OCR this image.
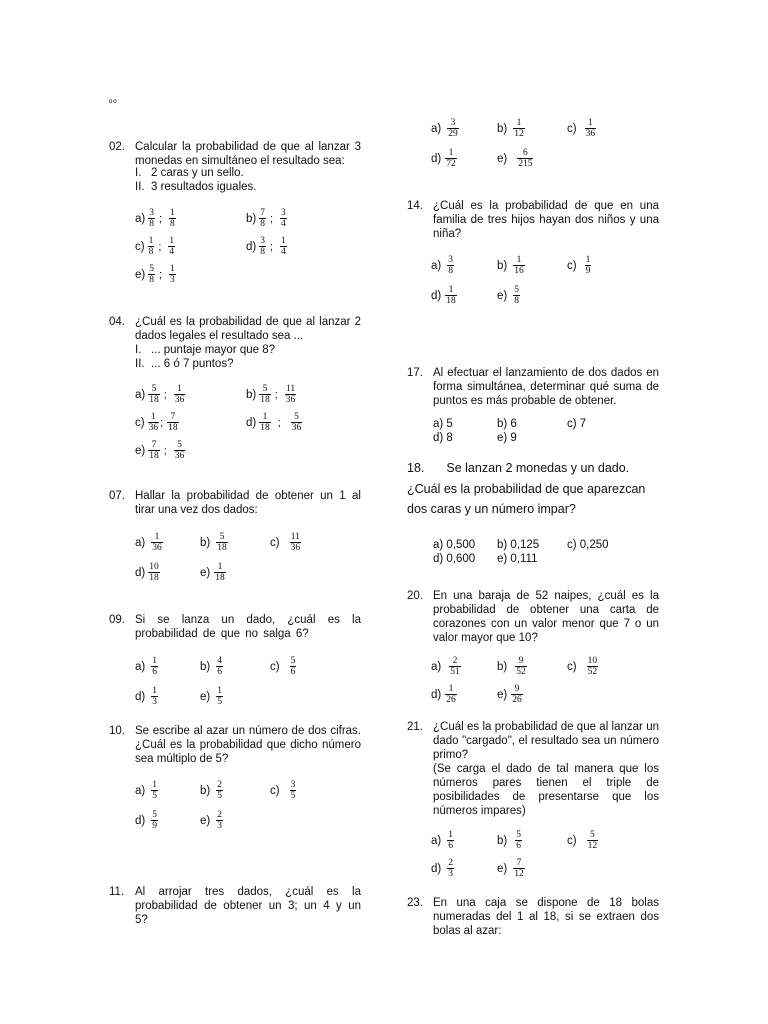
ºº
02. Calcular la probabilidad de que al lanzar 3 monedas en simultáneo el resultado sea:
I. 2 caras y un sello.
II. 3 resultados iguales.
$a) \frac{3}{8}$ ; $\frac{1}{8}$	$b) \frac{7}{8}$ ; $\frac{3}{4}$
$c) \frac{1}{8}$ ; $\frac{1}{4}$	$d) \frac{3}{8}$ ; $\frac{1}{4}$
$e) \frac{5}{8}$ ; $\frac{1}{3}$
04. ¿Cuál es la probabilidad de que al lanzar 2 dados legales el resultado sea ...
I. ... puntaje mayor que 8?
II. ... 6 ó 7 puntos?
$a) \frac{5}{18}$ ; $\frac{1}{36}$	$b) \frac{5}{18}$ ; $\frac{11}{36}$
$c) \frac{1}{36}$ ; $\frac{7}{18}$	$d) \frac{1}{18}$ ; $\frac{5}{36}$
$e) \frac{7}{18}$ ; $\frac{5}{36}$
07. Hallar la probabilidad de obtener un 1 al tirar una vez dos dados:
$a) \frac{1}{36}$	$b) \frac{5}{18}$	$c) \frac{11}{36}$
$d) \frac{10}{18}$	$e) \frac{1}{18}$
09. Si se lanza un dado, ¿cuál es la probabilidad de que no salga 6?
$a) \frac{1}{6}$	$b) \frac{4}{6}$	$c) \frac{5}{6}$
$d) \frac{1}{3}$	$e) \frac{1}{5}$
10. Se escribe al azar un número de dos cifras. ¿Cuál es la probabilidad que dicho número sea múltiplo de 5?
$a) \frac{1}{5}$	$b) \frac{2}{5}$	$c) \frac{3}{5}$
$d) \frac{5}{9}$	$e) \frac{2}{3}$
11. Al arrojar tres dados, ¿cuál es la probabilidad de obtener un 3; un 4 y un 5?
$a) \frac{3}{29}$	$b) \frac{1}{12}$	$c) \frac{1}{36}$
$d) \frac{1}{72}$	$e) \frac{6}{215}$
14. ¿Cuál es la probabilidad de que en una familia de tres hijos hayan dos niños y una niña?
$a) \frac{3}{8}$	$b) \frac{1}{16}$	$c) \frac{1}{9}$
$d) \frac{1}{18}$	$e) \frac{5}{8}$
17. Al efectuar el lanzamiento de dos dados en forma simultánea, determinar qué suma de puntos es más probable de obtener.
a) 5	b) 6	c) 7
d) 8	e) 9
18. Se lanzan 2 monedas y un dado. ¿Cuál es la probabilidad de que aparezcan dos caras y un número impar?
a) 0,500 b) 0,125 c) 0,250
d) 0,600 e) 0,111
20. En una baraja de 52 naipes, ¿cuál es la probabilidad de obtener una carta de corazones con un valor menor que 7 o un valor mayor que 10?
$a) \frac{2}{51}$	$b) \frac{9}{52}$	$c) \frac{10}{52}$
$d) \frac{1}{26}$	$e) \frac{9}{26}$
21. ¿Cuál es la probabilidad de que al lanzar un dado "cargado", el resultado sea un número primo?
(Se carga el dado de tal manera que los números pares tienen el triple de posibilidades de presentarse que los números impares)
$a) \frac{1}{6}$	$b) \frac{5}{6}$	$c) \frac{5}{12}$
$d) \frac{2}{3}$	$e) \frac{7}{12}$
23. En una caja se dispone de 18 bolas numeradas del 1 al 18, si se extraen dos bolas al azar:
